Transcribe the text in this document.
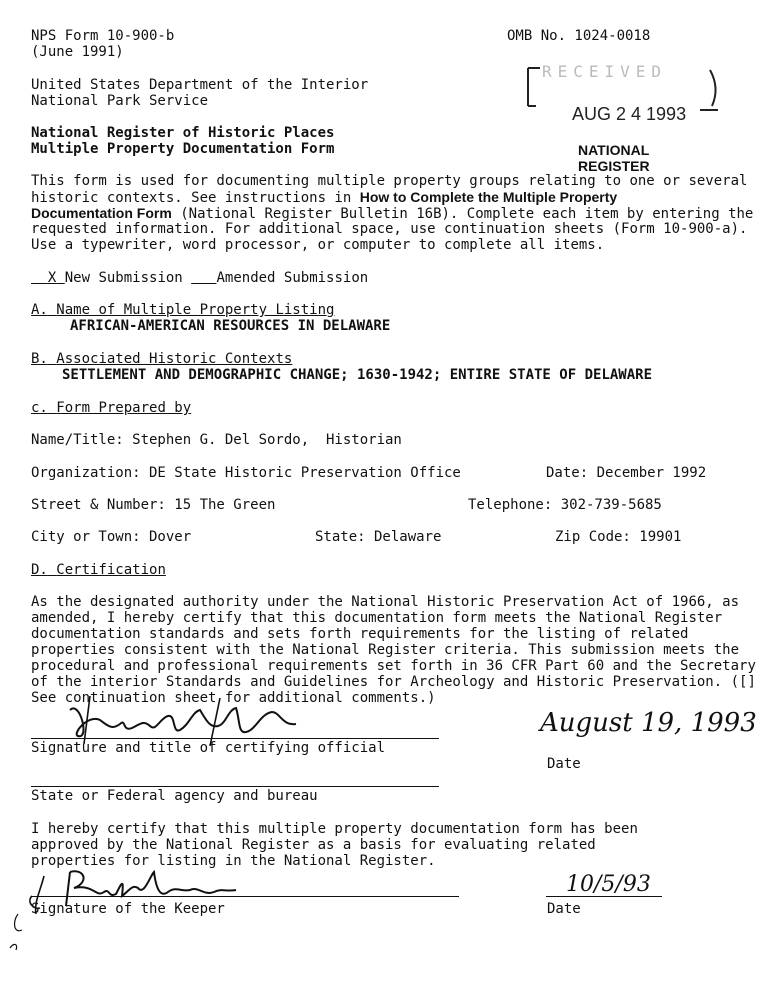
NPS Form 10-900-b
(June 1991)
OMB No. 1024-0018
United States Department of the Interior
National Park Service
National Register of Historic Places
Multiple Property Documentation Form
RECEIVED
AUG 2 4 1993
NATIONAL
REGISTER
This form is used for documenting multiple property groups relating to one or several
historic contexts. See instructions in How to Complete the Multiple Property
Documentation Form (National Register Bulletin 16B). Complete each item by entering the
requested information. For additional space, use continuation sheets (Form 10-900-a).
Use a typewriter, word processor, or computer to complete all items.
X New Submission Amended Submission
A. Name of Multiple Property Listing
AFRICAN-AMERICAN RESOURCES IN DELAWARE
B. Associated Historic Contexts
SETTLEMENT AND DEMOGRAPHIC CHANGE; 1630-1942; ENTIRE STATE OF DELAWARE
c. Form Prepared by
Name/Title: Stephen G. Del Sordo,  Historian
Organization: DE State Historic Preservation Office	Date: December 1992
Street & Number: 15 The Green	Telephone: 302-739-5685
City or Town: Dover	State: Delaware	Zip Code: 19901
D. Certification
As the designated authority under the National Historic Preservation Act of 1966, as
amended, I hereby certify that this documentation form meets the National Register
documentation standards and sets forth requirements for the listing of related
properties consistent with the National Register criteria. This submission meets the
procedural and professional requirements set forth in 36 CFR Part 60 and the Secretary
of the interior Standards and Guidelines for Archeology and Historic Preservation. ([]
See continuation sheet for additional comments.)
Signature and title of certifying official
August 19, 1993
Date
State or Federal agency and bureau
I hereby certify that this multiple property documentation form has been
approved by the National Register as a basis for evaluating related
properties for listing in the National Register.
Signature of the Keeper
10/5/93
Date
